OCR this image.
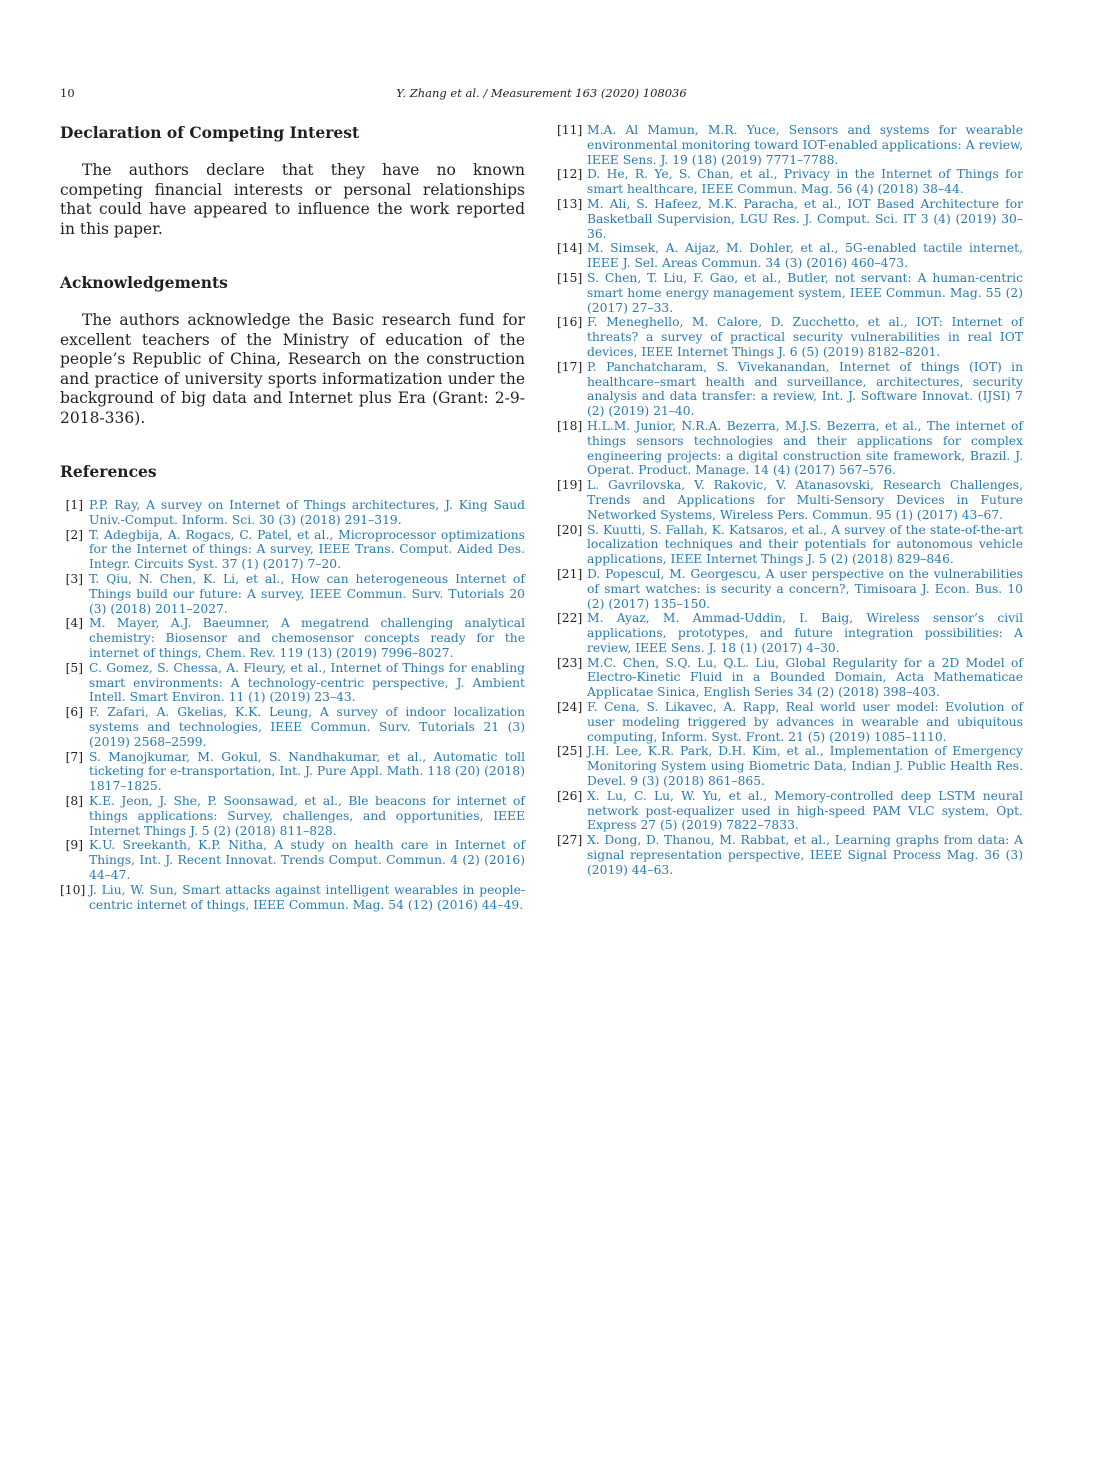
10	Y. Zhang et al. / Measurement 163 (2020) 108036
Declaration of Competing Interest

The authors declare that they have no known competing financial interests or personal relationships that could have appeared to influence the work reported in this paper.

Acknowledgements

The authors acknowledge the Basic research fund for excellent teachers of the Ministry of education of the people’s Republic of China, Research on the construction and practice of university sports informatization under the background of big data and Internet plus Era (Grant: 2-9-2018-336).

References
[1] P.P. Ray, A survey on Internet of Things architectures, J. King Saud Univ.-Comput. Inform. Sci. 30 (3) (2018) 291–319.
[2] T. Adegbija, A. Rogacs, C. Patel, et al., Microprocessor optimizations for the Internet of things: A survey, IEEE Trans. Comput. Aided Des. Integr. Circuits Syst. 37 (1) (2017) 7–20.
[3] T. Qiu, N. Chen, K. Li, et al., How can heterogeneous Internet of Things build our future: A survey, IEEE Commun. Surv. Tutorials 20 (3) (2018) 2011–2027.
[4] M. Mayer, A.J. Baeumner, A megatrend challenging analytical chemistry: Biosensor and chemosensor concepts ready for the internet of things, Chem. Rev. 119 (13) (2019) 7996–8027.
[5] C. Gomez, S. Chessa, A. Fleury, et al., Internet of Things for enabling smart environments: A technology-centric perspective, J. Ambient Intell. Smart Environ. 11 (1) (2019) 23–43.
[6] F. Zafari, A. Gkelias, K.K. Leung, A survey of indoor localization systems and technologies, IEEE Commun. Surv. Tutorials 21 (3) (2019) 2568–2599.
[7] S. Manojkumar, M. Gokul, S. Nandhakumar, et al., Automatic toll ticketing for e-transportation, Int. J. Pure Appl. Math. 118 (20) (2018) 1817–1825.
[8] K.E. Jeon, J. She, P. Soonsawad, et al., Ble beacons for internet of things applications: Survey, challenges, and opportunities, IEEE Internet Things J. 5 (2) (2018) 811–828.
[9] K.U. Sreekanth, K.P. Nitha, A study on health care in Internet of Things, Int. J. Recent Innovat. Trends Comput. Commun. 4 (2) (2016) 44–47.
[10] J. Liu, W. Sun, Smart attacks against intelligent wearables in people-centric internet of things, IEEE Commun. Mag. 54 (12) (2016) 44–49.
[11] M.A. Al Mamun, M.R. Yuce, Sensors and systems for wearable environmental monitoring toward IOT-enabled applications: A review, IEEE Sens. J. 19 (18) (2019) 7771–7788.
[12] D. He, R. Ye, S. Chan, et al., Privacy in the Internet of Things for smart healthcare, IEEE Commun. Mag. 56 (4) (2018) 38–44.
[13] M. Ali, S. Hafeez, M.K. Paracha, et al., IOT Based Architecture for Basketball Supervision, LGU Res. J. Comput. Sci. IT 3 (4) (2019) 30–36.
[14] M. Simsek, A. Aijaz, M. Dohler, et al., 5G-enabled tactile internet, IEEE J. Sel. Areas Commun. 34 (3) (2016) 460–473.
[15] S. Chen, T. Liu, F. Gao, et al., Butler, not servant: A human-centric smart home energy management system, IEEE Commun. Mag. 55 (2) (2017) 27–33.
[16] F. Meneghello, M. Calore, D. Zucchetto, et al., IOT: Internet of threats? a survey of practical security vulnerabilities in real IOT devices, IEEE Internet Things J. 6 (5) (2019) 8182–8201.
[17] P. Panchatcharam, S. Vivekanandan, Internet of things (IOT) in healthcare–smart health and surveillance, architectures, security analysis and data transfer: a review, Int. J. Software Innovat. (IJSI) 7 (2) (2019) 21–40.
[18] H.L.M. Junior, N.R.A. Bezerra, M.J.S. Bezerra, et al., The internet of things sensors technologies and their applications for complex engineering projects: a digital construction site framework, Brazil. J. Operat. Product. Manage. 14 (4) (2017) 567–576.
[19] L. Gavrilovska, V. Rakovic, V. Atanasovski, Research Challenges, Trends and Applications for Multi-Sensory Devices in Future Networked Systems, Wireless Pers. Commun. 95 (1) (2017) 43–67.
[20] S. Kuutti, S. Fallah, K. Katsaros, et al., A survey of the state-of-the-art localization techniques and their potentials for autonomous vehicle applications, IEEE Internet Things J. 5 (2) (2018) 829–846.
[21] D. Popescul, M. Georgescu, A user perspective on the vulnerabilities of smart watches: is security a concern?, Timisoara J. Econ. Bus. 10 (2) (2017) 135–150.
[22] M. Ayaz, M. Ammad-Uddin, I. Baig, Wireless sensor’s civil applications, prototypes, and future integration possibilities: A review, IEEE Sens. J. 18 (1) (2017) 4–30.
[23] M.C. Chen, S.Q. Lu, Q.L. Liu, Global Regularity for a 2D Model of Electro-Kinetic Fluid in a Bounded Domain, Acta Mathematicae Applicatae Sinica, English Series 34 (2) (2018) 398–403.
[24] F. Cena, S. Likavec, A. Rapp, Real world user model: Evolution of user modeling triggered by advances in wearable and ubiquitous computing, Inform. Syst. Front. 21 (5) (2019) 1085–1110.
[25] J.H. Lee, K.R. Park, D.H. Kim, et al., Implementation of Emergency Monitoring System using Biometric Data, Indian J. Public Health Res. Devel. 9 (3) (2018) 861–865.
[26] X. Lu, C. Lu, W. Yu, et al., Memory-controlled deep LSTM neural network post-equalizer used in high-speed PAM VLC system, Opt. Express 27 (5) (2019) 7822–7833.
[27] X. Dong, D. Thanou, M. Rabbat, et al., Learning graphs from data: A signal representation perspective, IEEE Signal Process Mag. 36 (3) (2019) 44–63.
